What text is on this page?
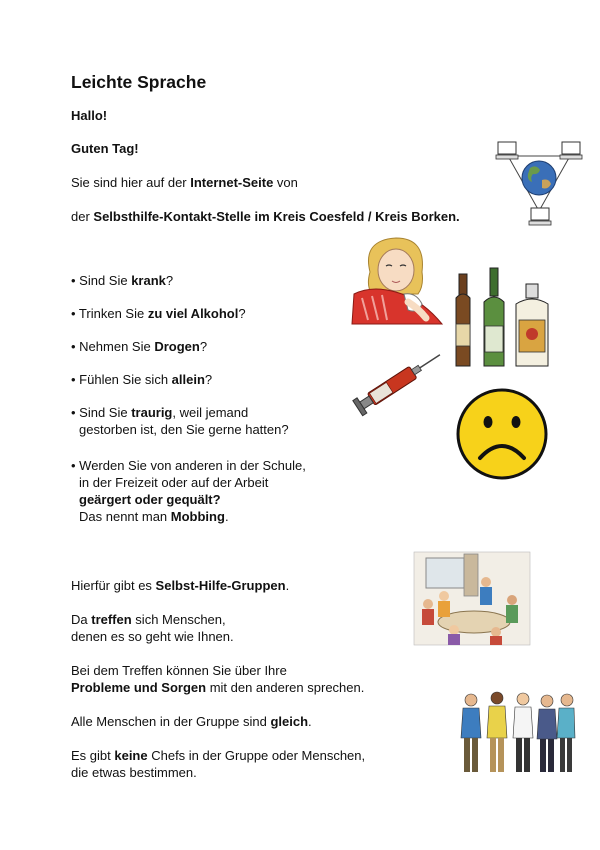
Leichte Sprache
Hallo!
Guten Tag!
Sie sind hier auf der Internet-Seite von
der Selbsthilfe-Kontakt-Stelle im Kreis Coesfeld / Kreis Borken.
• Sind Sie krank?
• Trinken Sie zu viel Alkohol?
• Nehmen Sie Drogen?
• Fühlen Sie sich allein?
• Sind Sie traurig, weil jemand
gestorben ist, den Sie gerne hatten?
• Werden Sie von anderen in der Schule,
in der Freizeit oder auf der Arbeit
geärgert oder gequält?
Das nennt man Mobbing.
Hierfür gibt es Selbst-Hilfe-Gruppen.
Da treffen sich Menschen,
denen es so geht wie Ihnen.
Bei dem Treffen können Sie über Ihre
Probleme und Sorgen mit den anderen sprechen.
Alle Menschen in der Gruppe sind gleich.
Es gibt keine Chefs in der Gruppe oder Menschen,
die etwas bestimmen.
